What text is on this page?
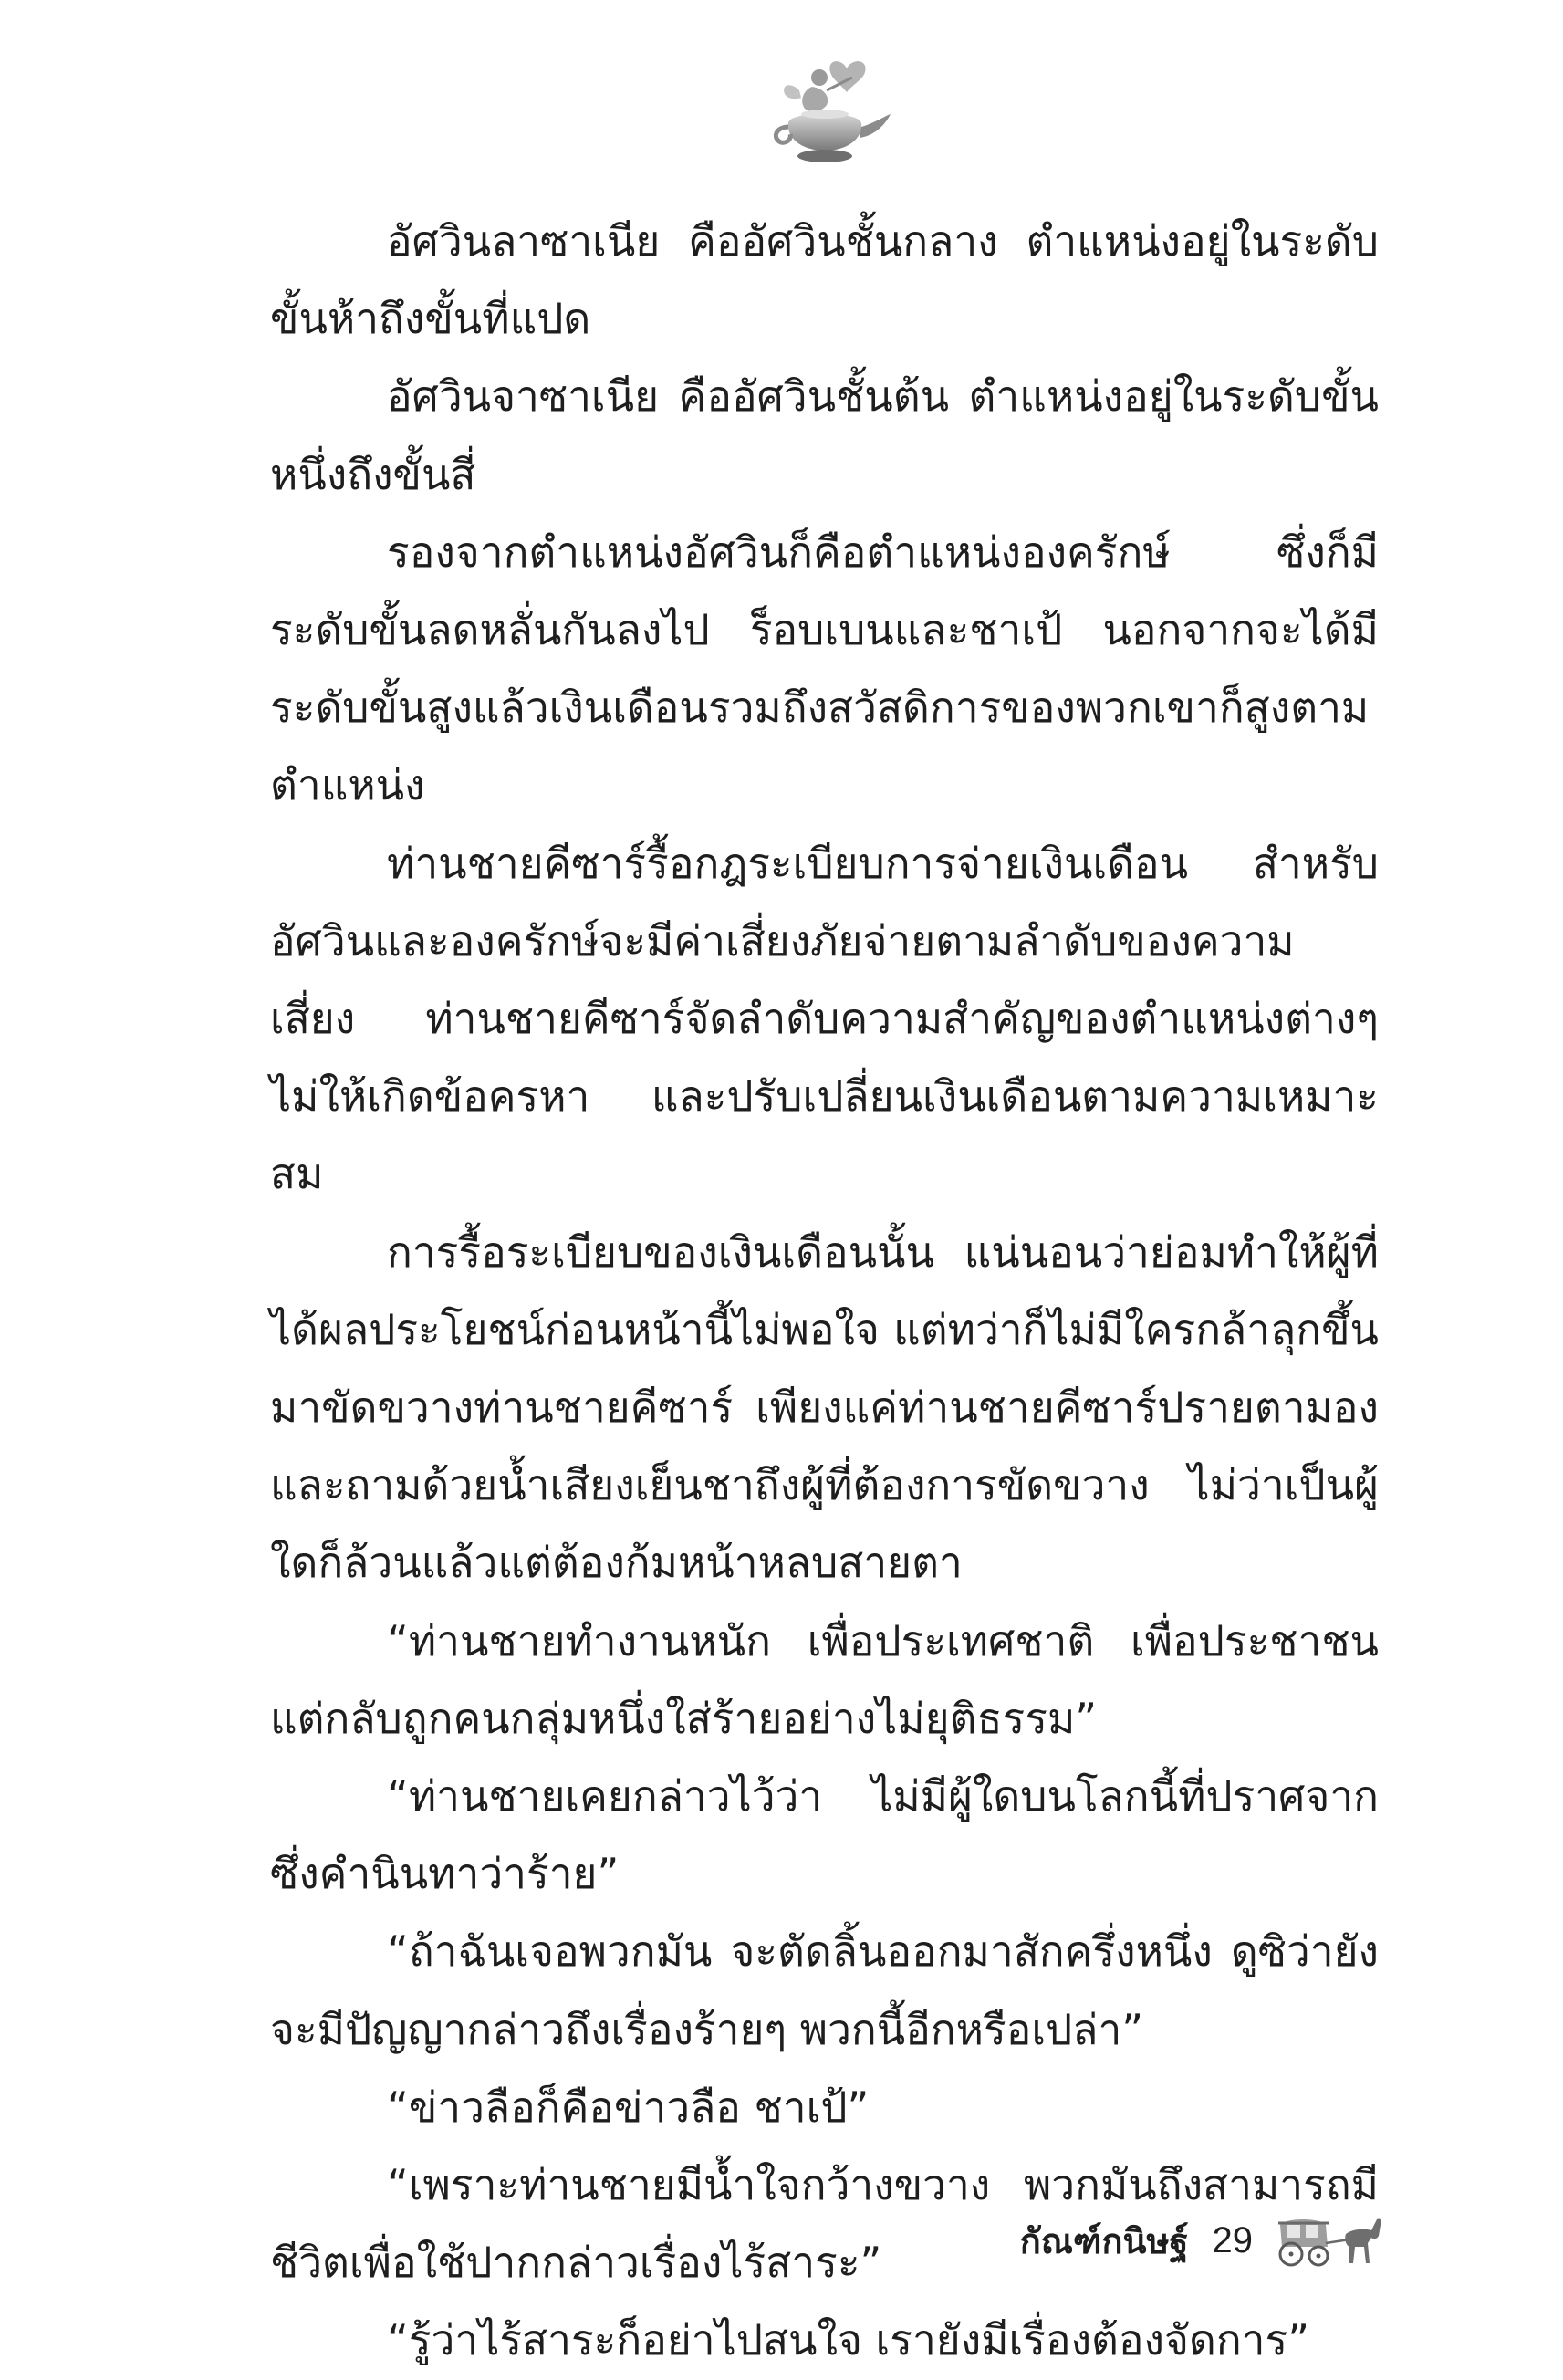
อัศวินลาซาเนีย คืออัศวินชั้นกลาง ตำแหน่งอยู่ในระดับขั้นห้าถึงขั้นที่แปด

อัศวินจาซาเนีย คืออัศวินชั้นต้น ตำแหน่งอยู่ในระดับขั้นหนึ่งถึงขั้นสี่

รองจากตำแหน่งอัศวินก็คือตำแหน่งองครักษ์ ซึ่งก็มีระดับขั้นลดหลั่นกันลงไป ร็อบเบนและชาเป้ นอกจากจะได้มีระดับขั้นสูงแล้วเงินเดือนรวมถึงสวัสดิการของพวกเขาก็สูงตามตำแหน่ง

ท่านชายคีซาร์รื้อกฎระเบียบการจ่ายเงินเดือน สำหรับอัศวินและองครักษ์จะมีค่าเสี่ยงภัยจ่ายตามลำดับของความเสี่ยง ท่านชายคีซาร์จัดลำดับความสำคัญของตำแหน่งต่างๆ ไม่ให้เกิดข้อครหา และปรับเปลี่ยนเงินเดือนตามความเหมาะสม

การรื้อระเบียบของเงินเดือนนั้น แน่นอนว่าย่อมทำให้ผู้ที่ได้ผลประโยชน์ก่อนหน้านี้ไม่พอใจ แต่ทว่าก็ไม่มีใครกล้าลุกขึ้นมาขัดขวางท่านชายคีซาร์ เพียงแค่ท่านชายคีซาร์ปรายตามองและถามด้วยน้ำเสียงเย็นชาถึงผู้ที่ต้องการขัดขวาง ไม่ว่าเป็นผู้ใดก็ล้วนแล้วแต่ต้องก้มหน้าหลบสายตา

“ท่านชายทำงานหนัก เพื่อประเทศชาติ เพื่อประชาชน แต่กลับถูกคนกลุ่มหนึ่งใส่ร้ายอย่างไม่ยุติธรรม”

“ท่านชายเคยกล่าวไว้ว่า ไม่มีผู้ใดบนโลกนี้ที่ปราศจากซึ่งคำนินทาว่าร้าย”

“ถ้าฉันเจอพวกมัน จะตัดลิ้นออกมาสักครึ่งหนึ่ง ดูซิว่ายังจะมีปัญญากล่าวถึงเรื่องร้ายๆ พวกนี้อีกหรือเปล่า”

“ข่าวลือก็คือข่าวลือ ชาเป้”

“เพราะท่านชายมีน้ำใจกว้างขวาง พวกมันถึงสามารถมีชีวิตเพื่อใช้ปากกล่าวเรื่องไร้สาระ”

“รู้ว่าไร้สาระก็อย่าไปสนใจ เรายังมีเรื่องต้องจัดการ”

กัณฑ์กนิษฐ์ 29
